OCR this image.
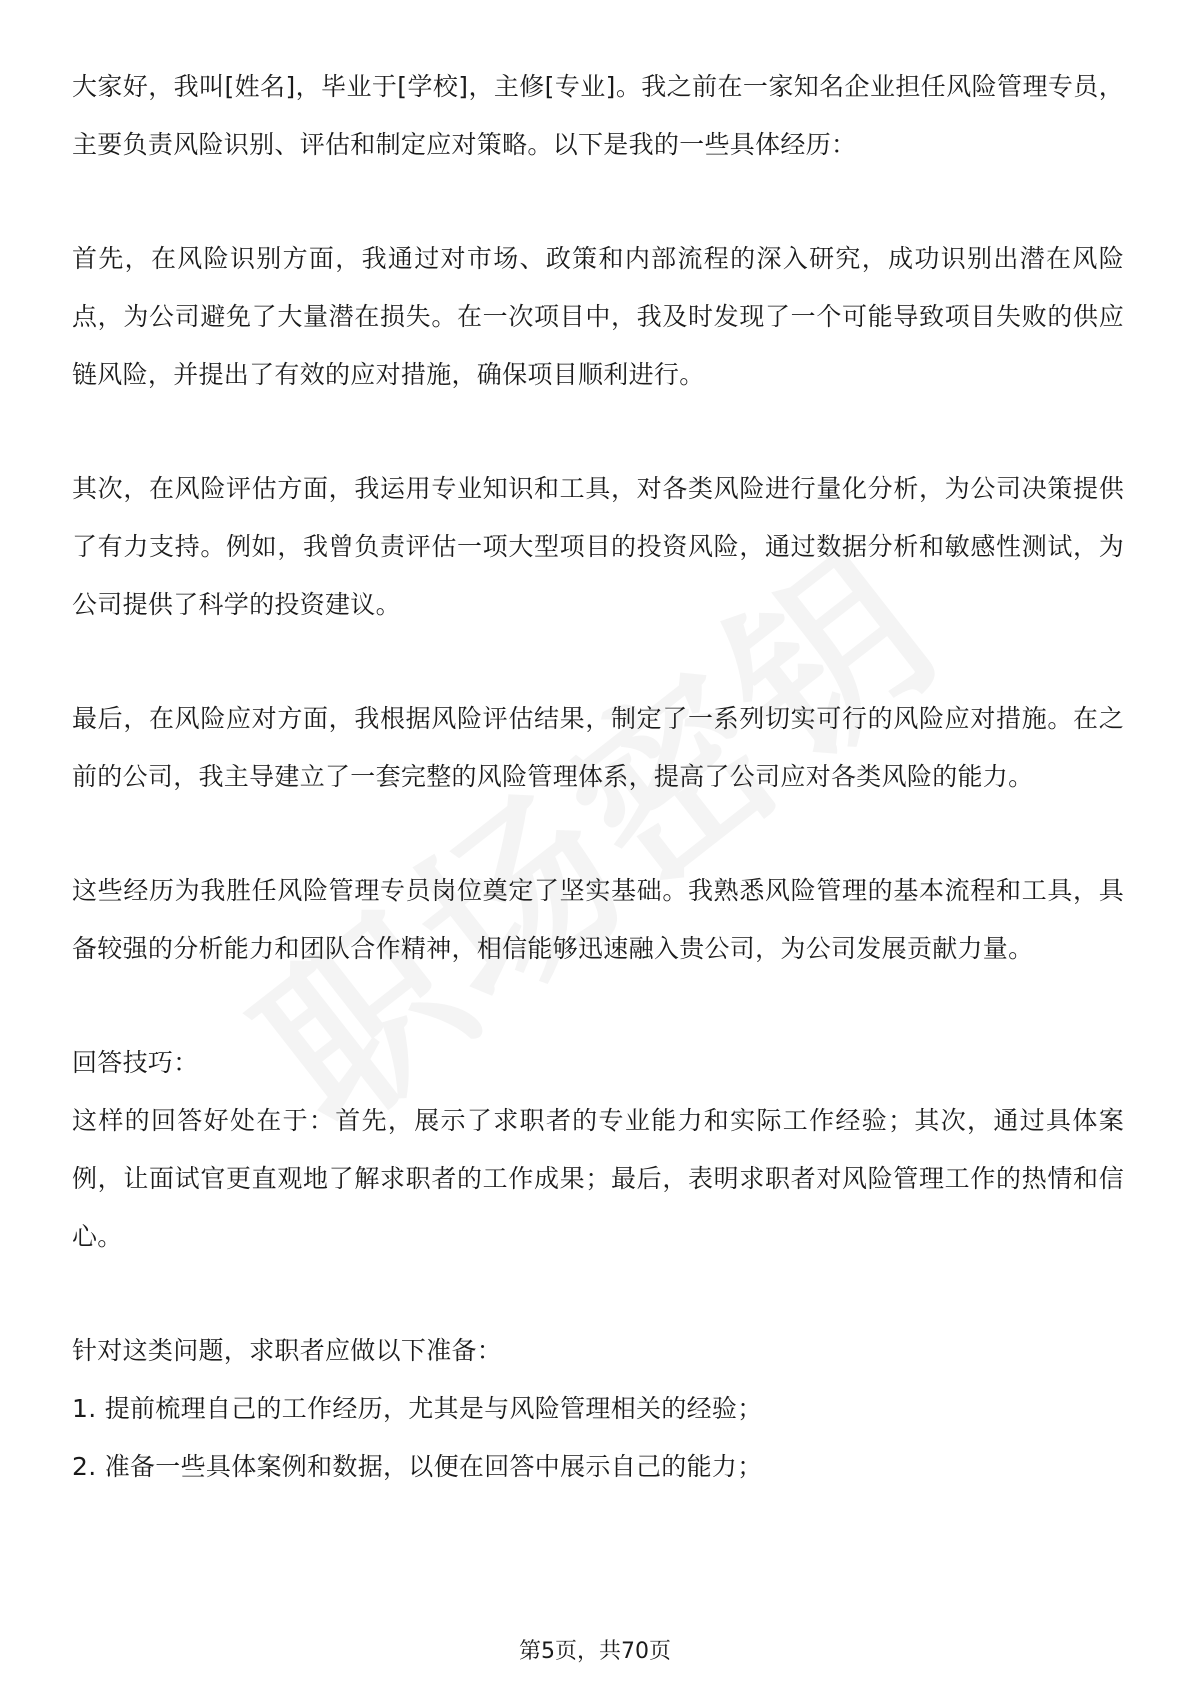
大家好，我叫[姓名]，毕业于[学校]，主修[专业]。我之前在一家知名企业担任风险管理专员，主要负责风险识别、评估和制定应对策略。以下是我的一些具体经历：

首先，在风险识别方面，我通过对市场、政策和内部流程的深入研究，成功识别出潜在风险点，为公司避免了大量潜在损失。在一次项目中，我及时发现了一个可能导致项目失败的供应链风险，并提出了有效的应对措施，确保项目顺利进行。

其次，在风险评估方面，我运用专业知识和工具，对各类风险进行量化分析，为公司决策提供了有力支持。例如，我曾负责评估一项大型项目的投资风险，通过数据分析和敏感性测试，为公司提供了科学的投资建议。

最后，在风险应对方面，我根据风险评估结果，制定了一系列切实可行的风险应对措施。在之前的公司，我主导建立了一套完整的风险管理体系，提高了公司应对各类风险的能力。

这些经历为我胜任风险管理专员岗位奠定了坚实基础。我熟悉风险管理的基本流程和工具，具备较强的分析能力和团队合作精神，相信能够迅速融入贵公司，为公司发展贡献力量。

回答技巧：

这样的回答好处在于：首先，展示了求职者的专业能力和实际工作经验；其次，通过具体案例，让面试官更直观地了解求职者的工作成果；最后，表明求职者对风险管理工作的热情和信心。

针对这类问题，求职者应做以下准备：

1. 提前梳理自己的工作经历，尤其是与风险管理相关的经验；

2. 准备一些具体案例和数据，以便在回答中展示自己的能力；

第5页，共70页
